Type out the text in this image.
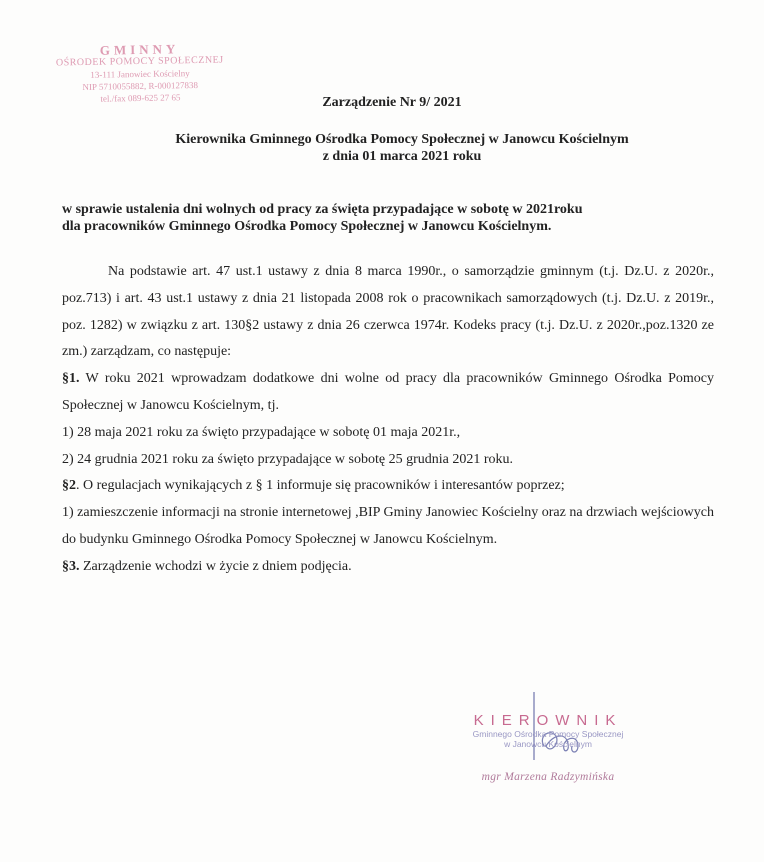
GMINNY
OŚRODEK POMOCY SPOŁECZNEJ
13-111 Janowiec Kościelny
NIP 5710055882, R-000127838
tel./fax 089-625 27 65	Zarządzenie Nr 9/ 2021
Kierownika Gminnego Ośrodka Pomocy Społecznej w Janowcu Kościelnym
z dnia 01 marca 2021 roku
w sprawie ustalenia dni wolnych od pracy za święta przypadające w sobotę w 2021roku
dla pracowników Gminnego Ośrodka Pomocy Społecznej w Janowcu Kościelnym.

Na podstawie art. 47 ust.1 ustawy z dnia 8 marca 1990r., o samorządzie gminnym (t.j. Dz.U. z 2020r., poz.713) i art. 43 ust.1 ustawy z dnia 21 listopada 2008 rok o pracownikach samorządowych (t.j. Dz.U. z 2019r., poz. 1282) w związku z art. 130§2 ustawy z dnia 26 czerwca 1974r. Kodeks pracy (t.j. Dz.U. z 2020r.,poz.1320 ze zm.) zarządzam, co następuje:

§1. W roku 2021 wprowadzam dodatkowe dni wolne od pracy dla pracowników Gminnego Ośrodka Pomocy Społecznej w Janowcu Kościelnym, tj.

1) 28 maja 2021 roku za święto przypadające w sobotę 01 maja 2021r.,

2) 24 grudnia 2021 roku za święto przypadające w sobotę 25 grudnia 2021 roku.

§2. O regulacjach wynikających z § 1 informuje się pracowników i interesantów poprzez;

1) zamieszczenie informacji na stronie internetowej ,BIP Gminy Janowiec Kościelny oraz na drzwiach wejściowych do budynku Gminnego Ośrodka Pomocy Społecznej w Janowcu Kościelnym.

§3. Zarządzenie wchodzi w życie z dniem podjęcia.

KIEROWNIK
Gminnego Ośrodka Pomocy Społecznej
w Janowcu Kościelnym
mgr Marzena Radzymińska
